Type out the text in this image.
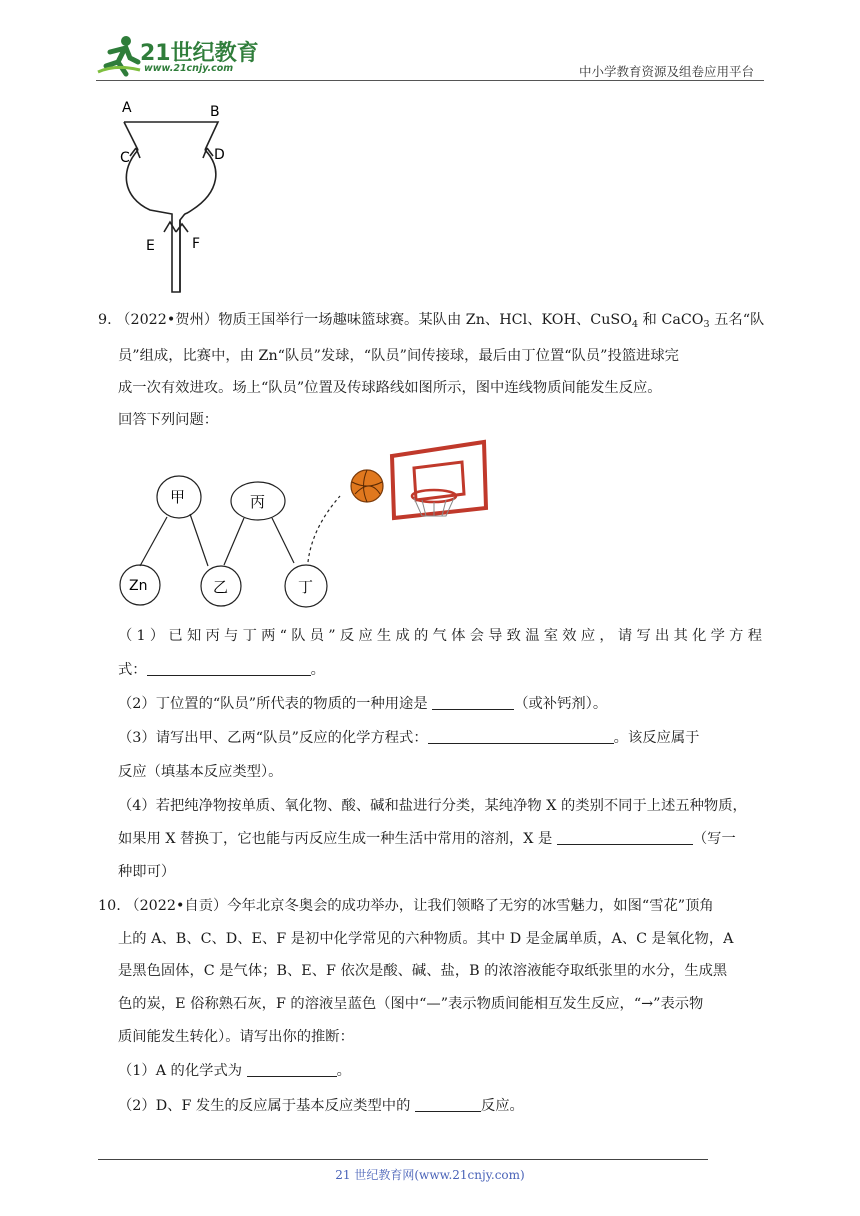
21世纪教育
www.21cnjy.com	中小学教育资源及组卷应用平台
A	B
C	D
E	F
9. （2022•贺州）物质王国举行一场趣味篮球赛。某队由 Zn、HCl、KOH、CuSO$_4$ 和 CaCO$_3$ 五名“队
员”组成，比赛中，由 Zn“队员”发球，“队员”间传接球，最后由丁位置“队员”投篮进球完
成一次有效进攻。场上“队员”位置及传球路线如图所示，图中连线物质间能发生反应。
回答下列问题：
甲	丙
Zn	乙	丁
（1）已知丙与丁两“队员”反应生成的气体会导致温室效应，请写出其化学方程
式：	。
（2）丁位置的“队员”所代表的物质的一种用途是	（或补钙剂）。
（3）请写出甲、乙两“队员”反应的化学方程式：	。该反应属于
反应（填基本反应类型）。
（4）若把纯净物按单质、氧化物、酸、碱和盐进行分类，某纯净物 X 的类别不同于上述五种物质，
如果用 X 替换丁，它也能与丙反应生成一种生活中常用的溶剂，X 是	（写一
种即可）
10. （2022•自贡）今年北京冬奥会的成功举办，让我们领略了无穷的冰雪魅力，如图“雪花”顶角
上的 A、B、C、D、E、F 是初中化学常见的六种物质。其中 D 是金属单质，A、C 是氧化物，A
是黑色固体，C 是气体；B、E、F 依次是酸、碱、盐，B 的浓溶液能夺取纸张里的水分，生成黑
色的炭，E 俗称熟石灰，F 的溶液呈蓝色（图中“—”表示物质间能相互发生反应，“→”表示物
质间能发生转化）。请写出你的推断：
（1）A 的化学式为	。
（2）D、F 发生的反应属于基本反应类型中的	反应。
21 世纪教育网(www.21cnjy.com)
